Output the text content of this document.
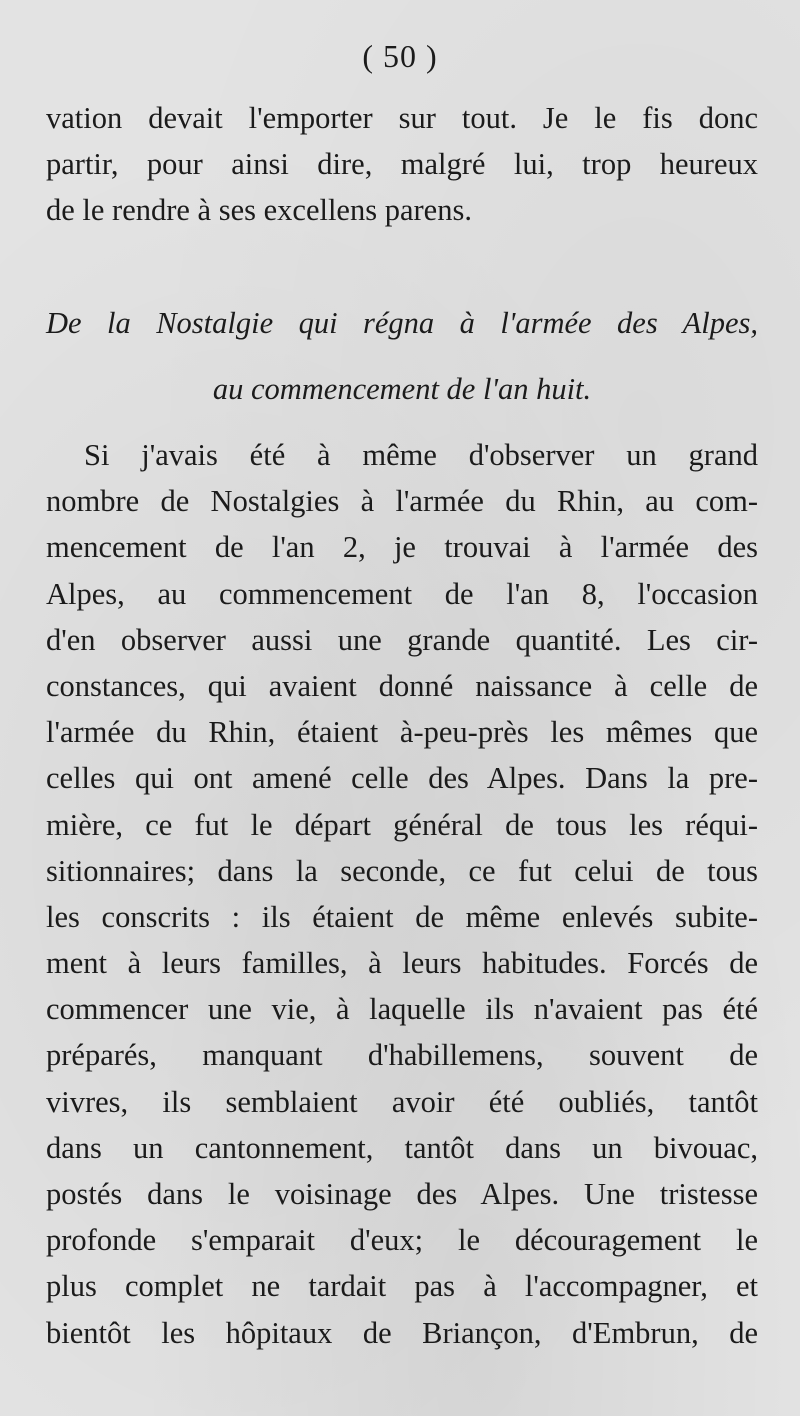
( 50 )
vation devait l'emporter sur tout. Je le fis donc
partir, pour ainsi dire, malgré lui, trop heureux
de le rendre à ses excellens parens.
De la Nostalgie qui régna à l'armée des Alpes,
au commencement de l'an huit.
Si j'avais été à même d'observer un grand
nombre de Nostalgies à l'armée du Rhin, au com-
mencement de l'an 2, je trouvai à l'armée des
Alpes, au commencement de l'an 8, l'occasion
d'en observer aussi une grande quantité. Les cir-
constances, qui avaient donné naissance à celle de
l'armée du Rhin, étaient à-peu-près les mêmes que
celles qui ont amené celle des Alpes. Dans la pre-
mière, ce fut le départ général de tous les réqui-
sitionnaires; dans la seconde, ce fut celui de tous
les conscrits : ils étaient de même enlevés subite-
ment à leurs familles, à leurs habitudes. Forcés de
commencer une vie, à laquelle ils n'avaient pas été
préparés, manquant d'habillemens, souvent de
vivres, ils semblaient avoir été oubliés, tantôt
dans un cantonnement, tantôt dans un bivouac,
postés dans le voisinage des Alpes. Une tristesse
profonde s'emparait d'eux; le découragement le
plus complet ne tardait pas à l'accompagner, et
bientôt les hôpitaux de Briançon, d'Embrun, de
